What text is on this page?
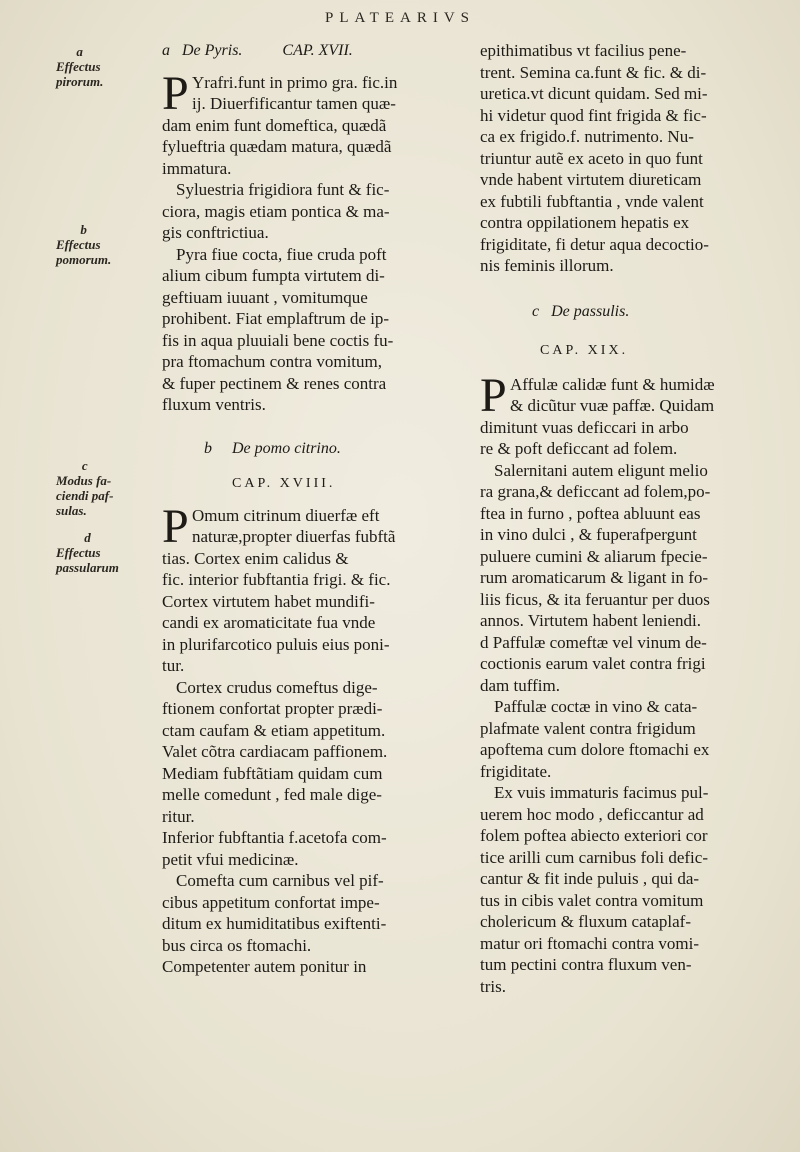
PLATEARIVS
a
Effectus
pirorum.
b
Effectus
pomorum.
c
Modus fa-
ciendi paf-
sulas.
d
Effectus
passularum
a   De Pyris.          CAP. XVII.

Yrafri.funt in primo gra. fic.in

ij. Diuerfificantur tamen quæ-

dam enim funt domeftica, quædã

fylueftria quædam matura, quædã

immatura.

Syluestria frigidiora funt & fic-

ciora, magis etiam pontica & ma-

gis conftrictiua.

Pyra fiue cocta, fiue cruda poft

alium cibum fumpta virtutem di-

geftiuam iuuant , vomitumque

prohibent. Fiat emplaftrum de ip-

fis in aqua pluuiali bene coctis fu-

pra ftomachum contra vomitum,

& fuper pectinem & renes contra

fluxum ventris.

P
b     De pomo citrino.
CAP. XVIII.

Omum citrinum diuerfæ eft

naturæ,propter diuerfas fubftã

tias. Cortex enim calidus &

fic. interior fubftantia frigi. & fic.

Cortex virtutem habet mundifi-

candi ex aromaticitate fua vnde

in plurifarcotico puluis eius poni-

tur.

Cortex crudus comeftus dige-

ftionem confortat propter prædi-

ctam caufam & etiam appetitum.

Valet cõtra cardiacam paffionem.

Mediam fubftãtiam quidam cum

melle comedunt , fed male dige-

ritur.

Inferior fubftantia f.acetofa com-

petit vfui medicinæ.

Comefta cum carnibus vel pif-

cibus appetitum confortat impe-

ditum ex humiditatibus exiftenti-

bus circa os ftomachi.

Competenter autem ponitur in

P

epithimatibus vt facilius pene-

trent. Semina ca.funt & fic. & di-

uretica.vt dicunt quidam. Sed mi-

hi videtur quod fint frigida & fic-

ca ex frigido.f. nutrimento. Nu-

triuntur autẽ ex aceto in quo funt

vnde habent virtutem diureticam

ex fubtili fubftantia , vnde valent

contra oppilationem hepatis ex

frigiditate, fi detur aqua decoctio-

nis feminis illorum.

c   De passulis.
CAP. XIX.

Affulæ calidæ funt & humidæ

& dicũtur vuæ paffæ. Quidam

dimitunt vuas deficcari in arbo

re & poft deficcant ad folem.

Salernitani autem eligunt melio

ra grana,& deficcant ad folem,po-

ftea in furno , poftea abluunt eas

in vino dulci , & fuperafpergunt

puluere cumini & aliarum fpecie-

rum aromaticarum & ligant in fo-

liis ficus, & ita feruantur per duos

annos. Virtutem habent leniendi.

d Paffulæ comeftæ vel vinum de-

coctionis earum valet contra frigi

dam tuffim.

Paffulæ coctæ in vino & cata-

plafmate valent contra frigidum

apoftema cum dolore ftomachi ex

frigiditate.

Ex vuis immaturis facimus pul-

uerem hoc modo , deficcantur ad

folem poftea abiecto exteriori cor

tice arilli cum carnibus foli defic-

cantur & fit inde puluis , qui da-

tus in cibis valet contra vomitum

cholericum & fluxum cataplaf-

matur ori ftomachi contra vomi-

tum pectini contra fluxum ven-

tris.

P
